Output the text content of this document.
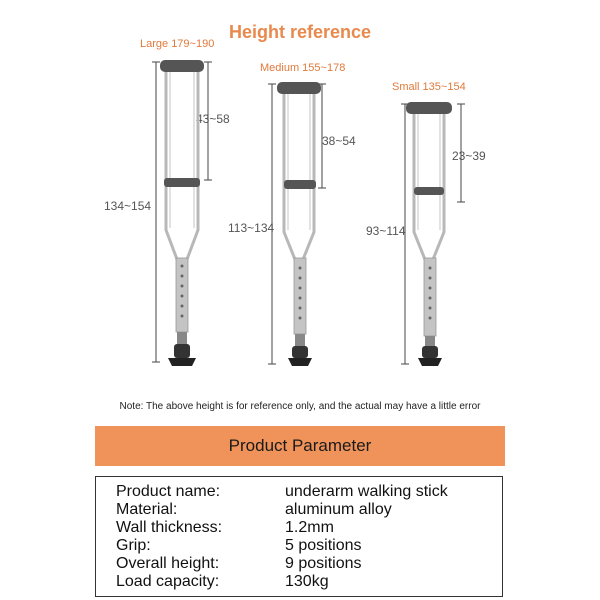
Height reference
Large 179~190
Medium 155~178
Small 135~154
43~58
134~154
38~54
113~134
23~39
93~114
Note: The above height is for reference only, and the actual may have a little error
Product Parameter
Product name:	underarm walking stick
Material:	aluminum alloy
Wall thickness:	1.2mm
Grip:	5 positions
Overall height:	9 positions
Load capacity:	130kg
